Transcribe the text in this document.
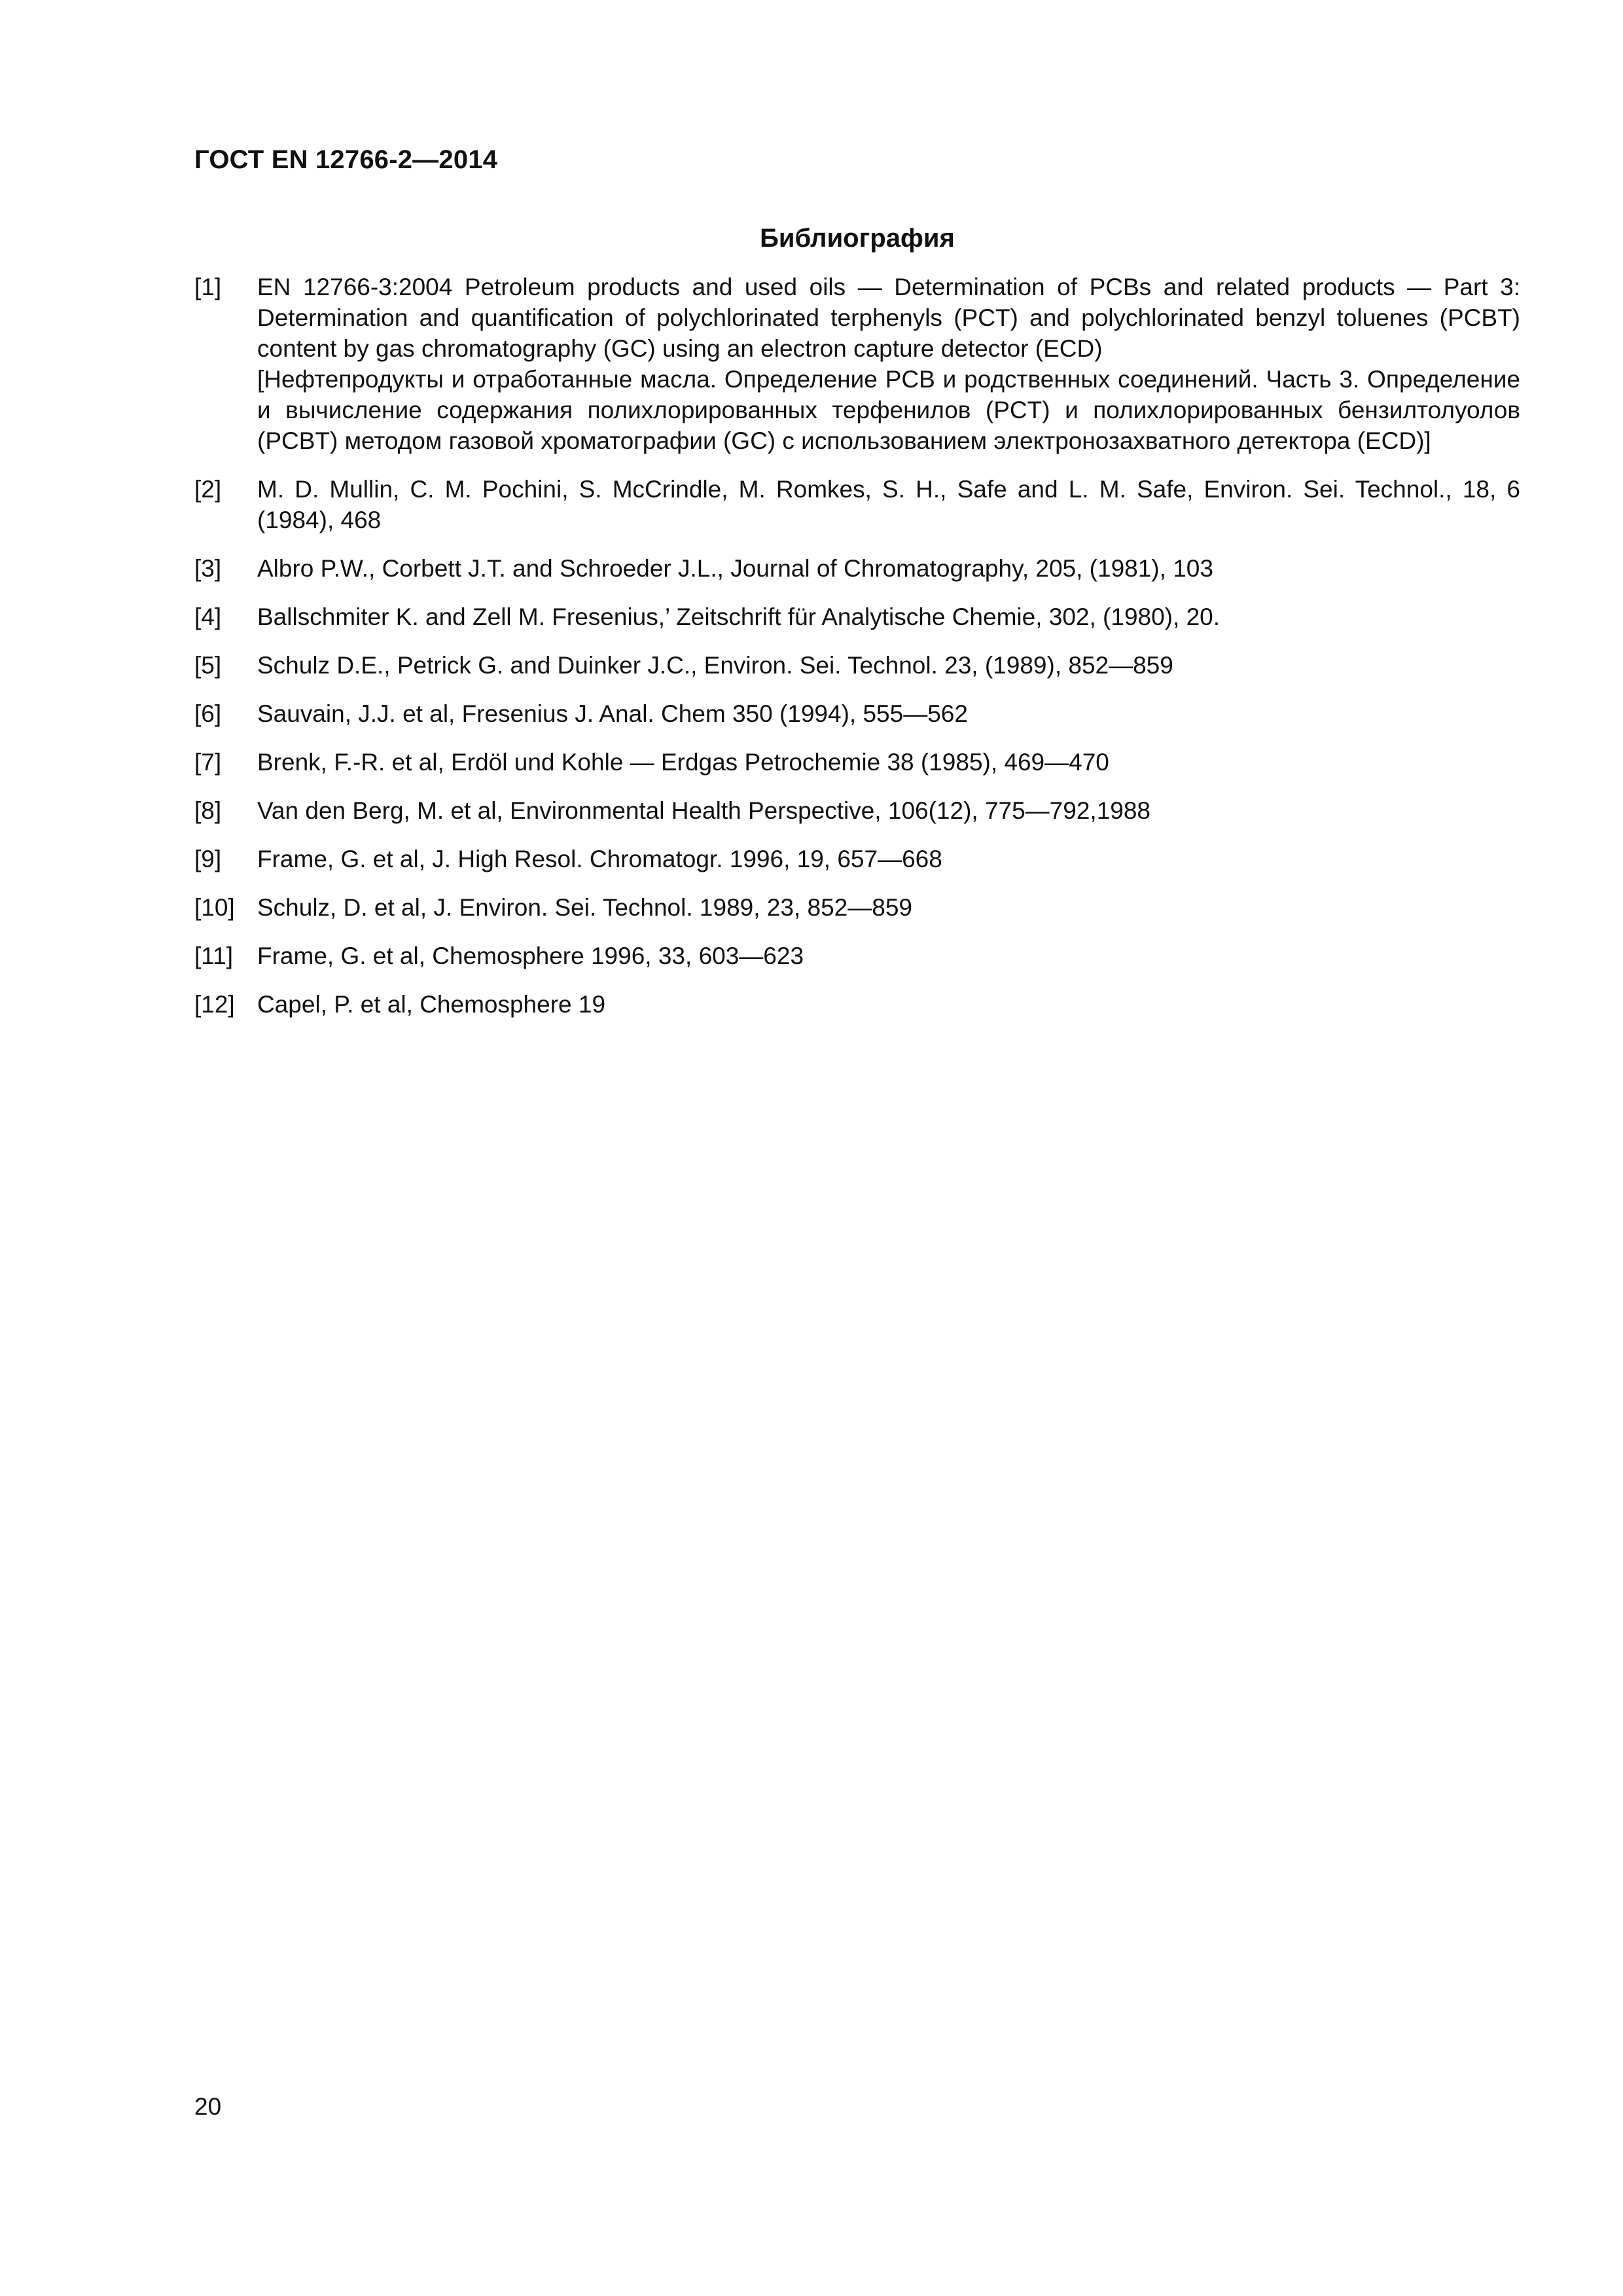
ГОСТ EN 12766-2—2014
Библиография
[1]	EN 12766-3:2004 Petroleum products and used oils — Determination of PCBs and related products — Part 3: Determination and quantification of polychlorinated terphenyls (PCT) and polychlorinated benzyl toluenes (PCBT) content by gas chromatography (GC) using an electron capture detector (ECD)
[Нефтепродукты и отработанные масла. Определение PCB и родственных соединений. Часть 3. Определение и вычисление содержания полихлорированных терфенилов (PCT) и полихлорированных бензилтолуолов (PCBT) методом газовой хроматографии (GC) с использованием электронозахватного детектора (ECD)]
[2]	M. D. Mullin, C. M. Pochini, S. McCrindle, M. Romkes, S. H., Safe and L. M. Safe, Environ. Sei. Technol., 18, 6 (1984), 468
[3]	Albro P.W., Corbett J.T. and Schroeder J.L., Journal of Chromatography, 205, (1981), 103
[4]	Ballschmiter K. and Zell M. Fresenius,’ Zeitschrift für Analytische Chemie, 302, (1980), 20.
[5]	Schulz D.E., Petrick G. and Duinker J.C., Environ. Sei. Technol. 23, (1989), 852—859
[6]	Sauvain, J.J. et al, Fresenius J. Anal. Chem 350 (1994), 555—562
[7]	Brenk, F.-R. et al, Erdöl und Kohle — Erdgas Petrochemie 38 (1985), 469—470
[8]	Van den Berg, M. et al, Environmental Health Perspective, 106(12), 775—792,1988
[9]	Frame, G. et al, J. High Resol. Chromatogr. 1996, 19, 657—668
[10] Schulz, D. et al, J. Environ. Sei. Technol. 1989, 23, 852—859
[11]	Frame, G. et al, Chemosphere 1996, 33, 603—623
[12] Capel, P. et al, Chemosphere 19
20
